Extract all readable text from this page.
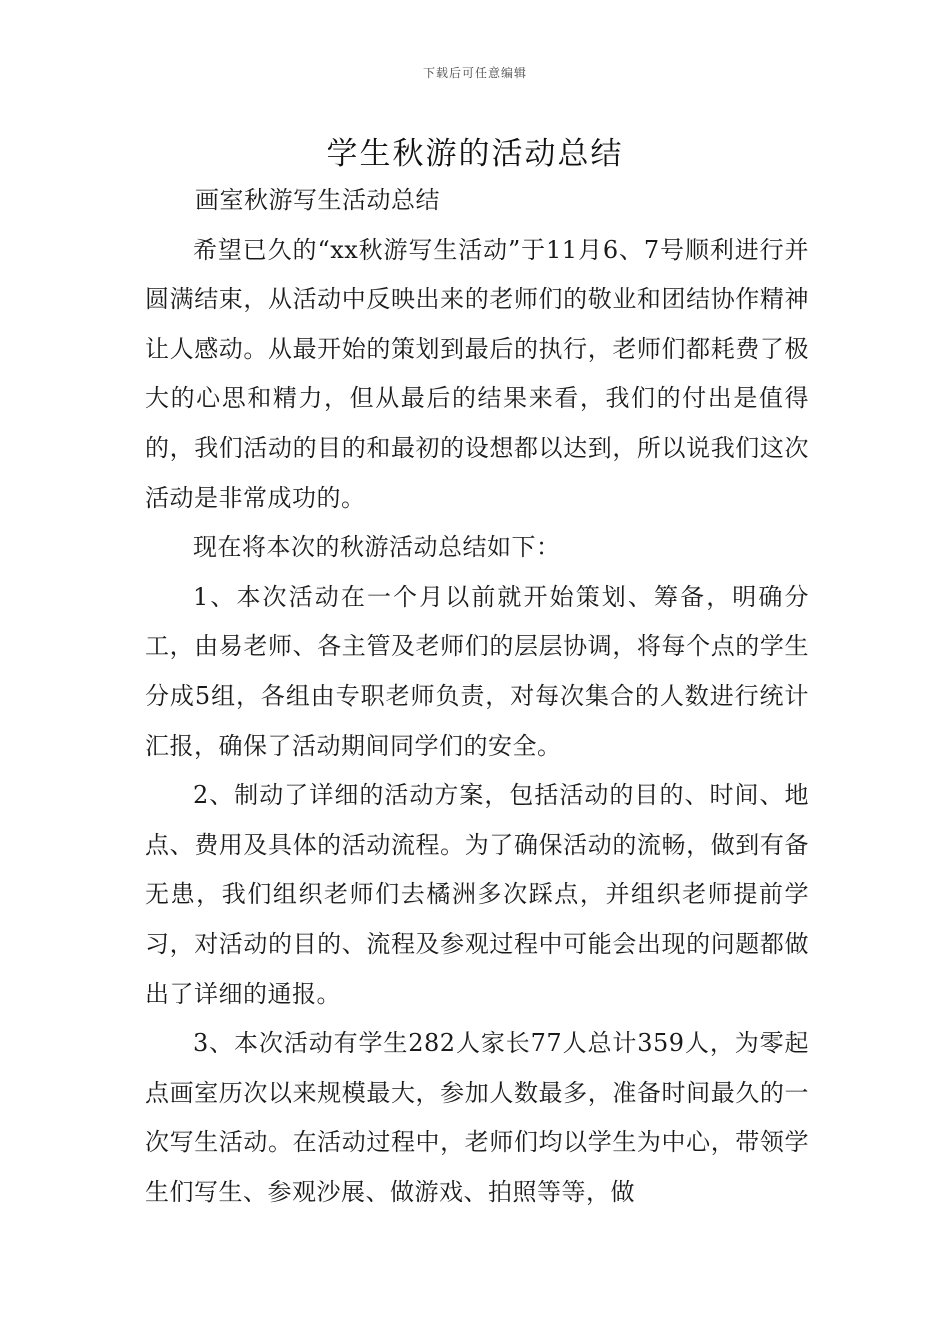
下载后可任意编辑
学生秋游的活动总结

画室秋游写生活动总结

希望已久的“xx秋游写生活动”于11月6、7号顺利进行并圆满结束，从活动中反映出来的老师们的敬业和团结协作精神让人感动。从最开始的策划到最后的执行，老师们都耗费了极大的心思和精力，但从最后的结果来看，我们的付出是值得的，我们活动的目的和最初的设想都以达到，所以说我们这次活动是非常成功的。

现在将本次的秋游活动总结如下：

1、本次活动在一个月以前就开始策划、筹备，明确分工，由易老师、各主管及老师们的层层协调，将每个点的学生分成5组，各组由专职老师负责，对每次集合的人数进行统计汇报，确保了活动期间同学们的安全。

2、制动了详细的活动方案，包括活动的目的、时间、地点、费用及具体的活动流程。为了确保活动的流畅，做到有备无患，我们组织老师们去橘洲多次踩点，并组织老师提前学习，对活动的目的、流程及参观过程中可能会出现的问题都做出了详细的通报。

3、本次活动有学生282人家长77人总计359人，为零起点画室历次以来规模最大，参加人数最多，准备时间最久的一次写生活动。在活动过程中，老师们均以学生为中心，带领学生们写生、参观沙展、做游戏、拍照等等，做
